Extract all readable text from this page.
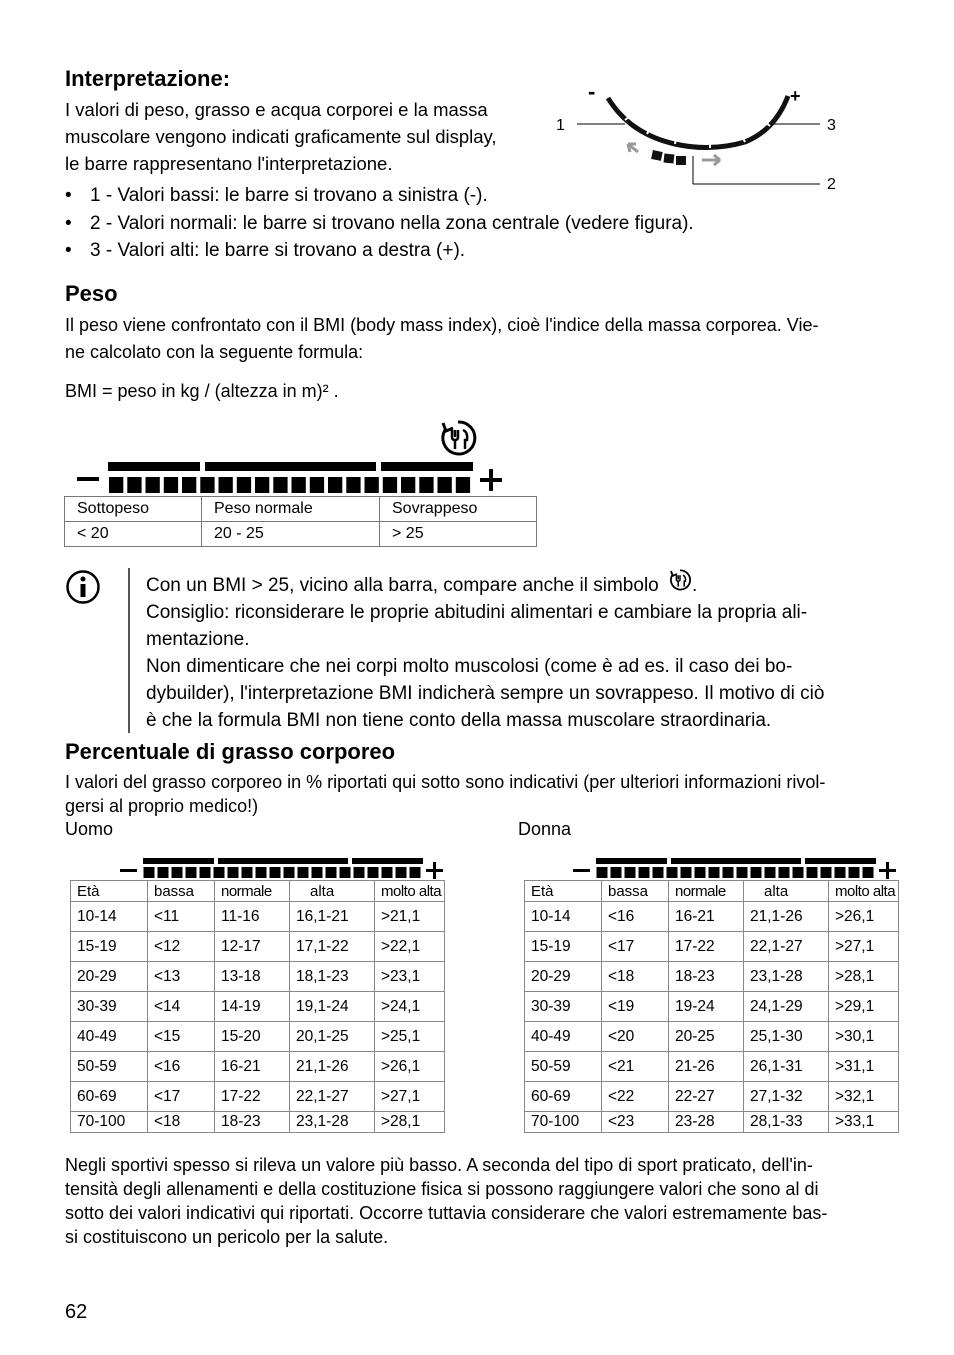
Interpretazione:
I valori di peso, grasso e acqua corporei e la massa
muscolare vengono indicati graficamente sul display,
le barre rappresentano l'interpretazione.
-	+
1	3
2
• 1 - Valori bassi: le barre si trovano a sinistra (-).
• 2 - Valori normali: le barre si trovano nella zona centrale (vedere figura).
• 3 - Valori alti: le barre si trovano a destra (+).
Peso
Il peso viene confrontato con il BMI (body mass index), cioè l'indice della massa corporea. Vie-
ne calcolato con la seguente formula:
BMI = peso in kg / (altezza in m)² .
Sottopeso	Peso normale	Sovrappeso
< 20	20 - 25	> 25
Con un BMI > 25, vicino alla barra, compare anche il simbolo .
Consiglio: riconsiderare le proprie abitudini alimentari e cambiare la propria ali-
mentazione.
Non dimenticare che nei corpi molto muscolosi (come è ad es. il caso dei bo-
dybuilder), l'interpretazione BMI indicherà sempre un sovrappeso. Il motivo di ciò
è che la formula BMI non tiene conto della massa muscolare straordinaria.
Percentuale di grasso corporeo
I valori del grasso corporeo in % riportati qui sotto sono indicativi (per ulteriori informazioni rivol-
gersi al proprio medico!)
Uomo	Donna
Età	bassa	normale	alta	molto alta
10-14	<11	11-16	16,1-21	>21,1
15-19	<12	12-17	17,1-22	>22,1
20-29	<13	13-18	18,1-23	>23,1
30-39	<14	14-19	19,1-24	>24,1
40-49	<15	15-20	20,1-25	>25,1
50-59	<16	16-21	21,1-26	>26,1
60-69	<17	17-22	22,1-27	>27,1
70-100	<18	18-23	23,1-28	>28,1
Età	bassa	normale	alta	molto alta
10-14	<16	16-21	21,1-26	>26,1
15-19	<17	17-22	22,1-27	>27,1
20-29	<18	18-23	23,1-28	>28,1
30-39	<19	19-24	24,1-29	>29,1
40-49	<20	20-25	25,1-30	>30,1
50-59	<21	21-26	26,1-31	>31,1
60-69	<22	22-27	27,1-32	>32,1
70-100	<23	23-28	28,1-33	>33,1
Negli sportivi spesso si rileva un valore più basso. A seconda del tipo di sport praticato, dell'in-
tensità degli allenamenti e della costituzione fisica si possono raggiungere valori che sono al di
sotto dei valori indicativi qui riportati. Occorre tuttavia considerare che valori estremamente bas-
si costituiscono un pericolo per la salute.
62
